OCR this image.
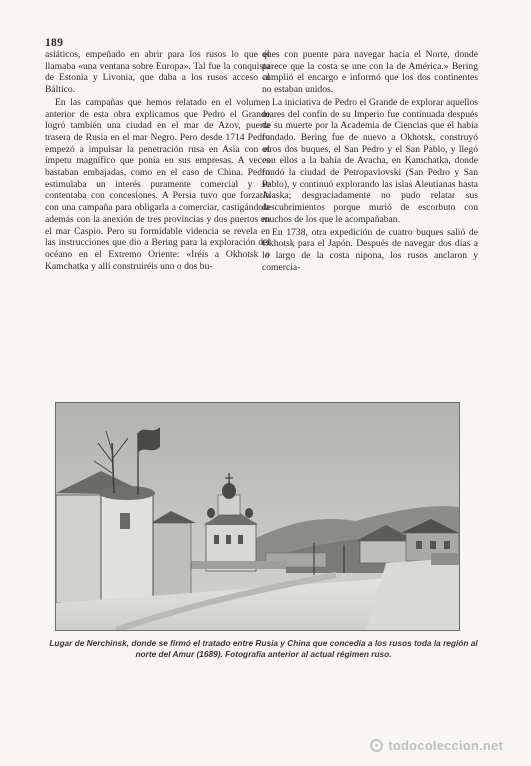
189

asiáticos, empeñado en abrir para los rusos lo que él llamaba «una ventana sobre Europa». Tal fue la conquista de Estonia y Livonia, que daba a los rusos acceso al Báltico.

En las campañas que hemos relatado en el volumen anterior de esta obra explicamos que Pedro el Grande logró también una ciudad en el mar de Azov, puerta trasera de Rusia en el mar Negro. Pero desde 1714 Pedro empezó a impulsar la penetración rusa en Asia con el ímpetu magnífico que ponía en sus empresas. A veces bastaban embajadas, como en el caso de China. Pedro estimulaba un interés puramente comercial y se contentaba con concesiones. A Persia tuvo que forzarla con una campaña para obligarla a comerciar, castigándola además con la anexión de tres provincias y dos puertos en el mar Caspio. Pero su formidable videncia se revela en las instrucciones que dio a Bering para la exploración del océano en el Extremo Oriente: «Iréis a Okhotsk o Kamchatka y allí construiréis uno o dos bu-

ques con puente para navegar hacia el Norte, donde parece que la costa se une con la de América.» Bering cumplió el encargo e informó que los dos continentes no estaban unidos.

La iniciativa de Pedro el Grande de explorar aquellos mares del confín de su Imperio fue continuada después de su muerte por la Academia de Ciencias que él había fundado. Bering fue de nuevo a Okhotsk, construyó otros dos buques, el San Pedro y el San Pablo, y llegó con ellos a la bahía de Avacha, en Kamchatka, donde fundó la ciudad de Petropavlovski (San Pedro y San Pablo), y continuó explorando las islas Aleutianas hasta Alaska; desgraciadamente no pudo relatar sus descubrimientos porque murió de escorbuto con muchos de los que le acompañaban.

En 1738, otra expedición de cuatro buques salió de Okhotsk para el Japón. Después de navegar dos días a lo largo de la costa nipona, los rusos anclaron y comercia-

Lugar de Nerchinsk, donde se firmó el tratado entre Rusia y China que concedía a los rusos toda la región al norte del Amur (1689). Fotografía anterior al actual régimen ruso.
todocoleccion.net
